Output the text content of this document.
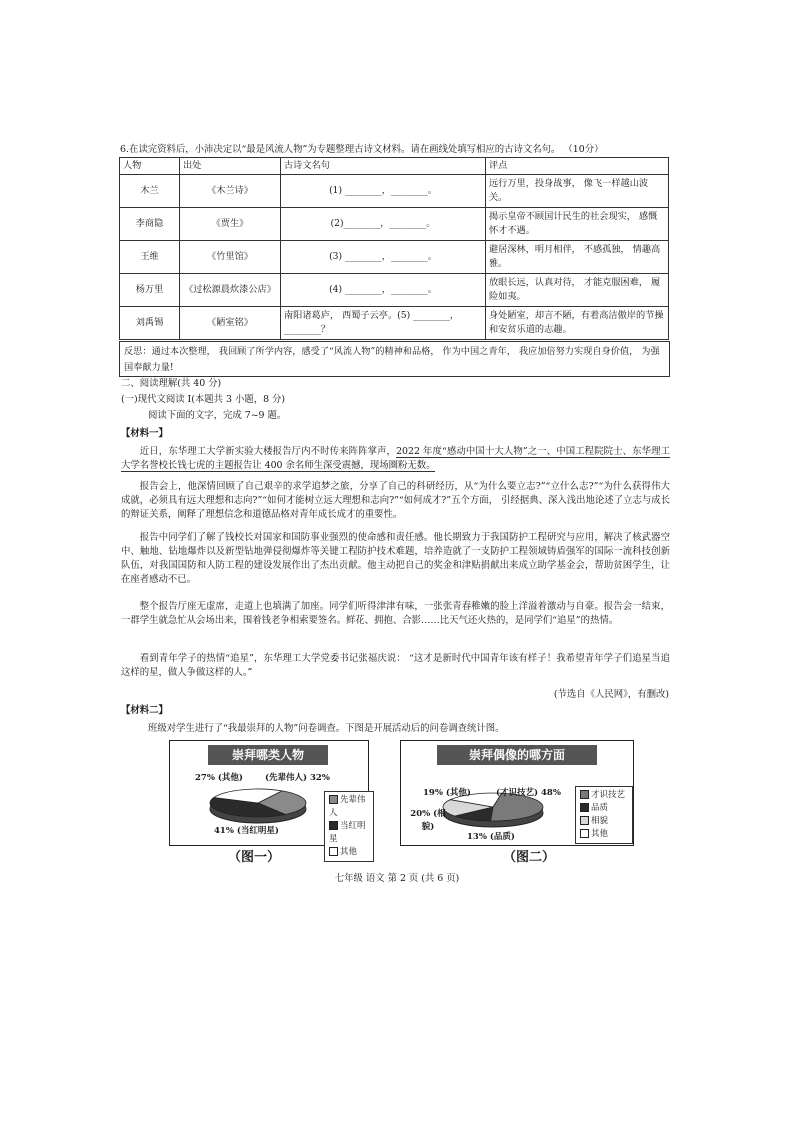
6.在读完资料后，小沛决定以“最是风流人物”为专题整理古诗文材料。请在画线处填写相应的古诗文名句。 （10分）
人物	出处	古诗文名句	评点
木兰	《木兰诗》	(1) ________，________。	远行万里，投身战事， 像飞一样越山波关。
李商隐	《贾生》	(2)________，________。	揭示皇帝不顾国计民生的社会现实， 感慨怀才不遇。
王维	《竹里馆》	(3) ________，________。	避居深林，明月相伴， 不感孤独， 情趣高雅。
杨万里	《过松源晨炊漆公店》	(4) ________，________。	放眼长远，认真对待， 才能克服困难， 履险如夷。
刘禹锡	《陋室铭》	南阳诸葛庐， 西蜀子云亭。(5) ________， ________？	身处陋室，却言不陋，有着高洁傲岸的节操和安贫乐道的志趣。
反思：通过本次整理， 我回顾了所学内容，感受了“风流人物”的精神和品格， 作为中国之青年， 我应加倍努力实现自身价值， 为强国奉献力量!
二、阅读理解(共 40 分)
(一)现代文阅读 I(本题共 3 小题，8 分)
阅读下面的文字，完成 7~9 题。
【材料一】
近日，东华理工大学新实验大楼报告厅内不时传来阵阵掌声，2022 年度“感动中国十大人物”之一、中国工程院院士、东华理工大学名誉校长钱七虎的主题报告让 400 余名师生深受震撼，现场圈粉无数。
报告会上，他深情回顾了自己艰辛的求学追梦之旅，分享了自己的科研经历，从“为什么要立志?”“立什么志?”“为什么获得伟大成就，必须具有远大理想和志向?”“如何才能树立远大理想和志向?”“如何成才?”五个方面， 引经据典、深入浅出地论述了立志与成长的辩证关系，阐释了理想信念和道德品格对青年成长成才的重要性。
报告中同学们了解了钱校长对国家和国防事业强烈的使命感和责任感。他长期致力于我国防护工程研究与应用，解决了核武器空中、触地、钻地爆炸以及新型钻地弹侵彻爆炸等关键工程防护技术难题，培养造就了一支防护工程领域铸盾强军的国际一流科技创新队伍，对我国国防和人防工程的建设发展作出了杰出贡献。他主动把自己的奖金和津贴捐献出来成立助学基金会，帮助贫困学生，让在座者感动不已。
整个报告厅座无虚席，走道上也填满了加座。同学们听得津津有味，一张张青春稚嫩的脸上洋溢着激动与自豪。报告会一结束，一群学生就急忙从会场出来，围着钱老争相索要签名。鲜花、拥抱、合影……比天气还火热的，是同学们“追星”的热情。
看到青年学子的热情“追星”，东华理工大学党委书记张福庆说： “这才是新时代中国青年该有样子！我希望青年学子们追星当追这样的星，做人争做这样的人。”
(节选自《人民网》，有删改)
【材料二】
班级对学生进行了“我最崇拜的人物”问卷调查。下图是开展活动后的问卷调查统计图。
崇拜哪类人物
27% (其他)	(先辈伟人) 32%
41% (当红明星)
先辈伟人
当红明星
其他
（图一）
崇拜偶像的哪方面
19% (其他)	(才识技艺) 48%
20% (相貌)
13% (品质)
才识技艺
品质
相貌
其他
（图二）
七年级 语文 第 2 页 (共 6 页)
